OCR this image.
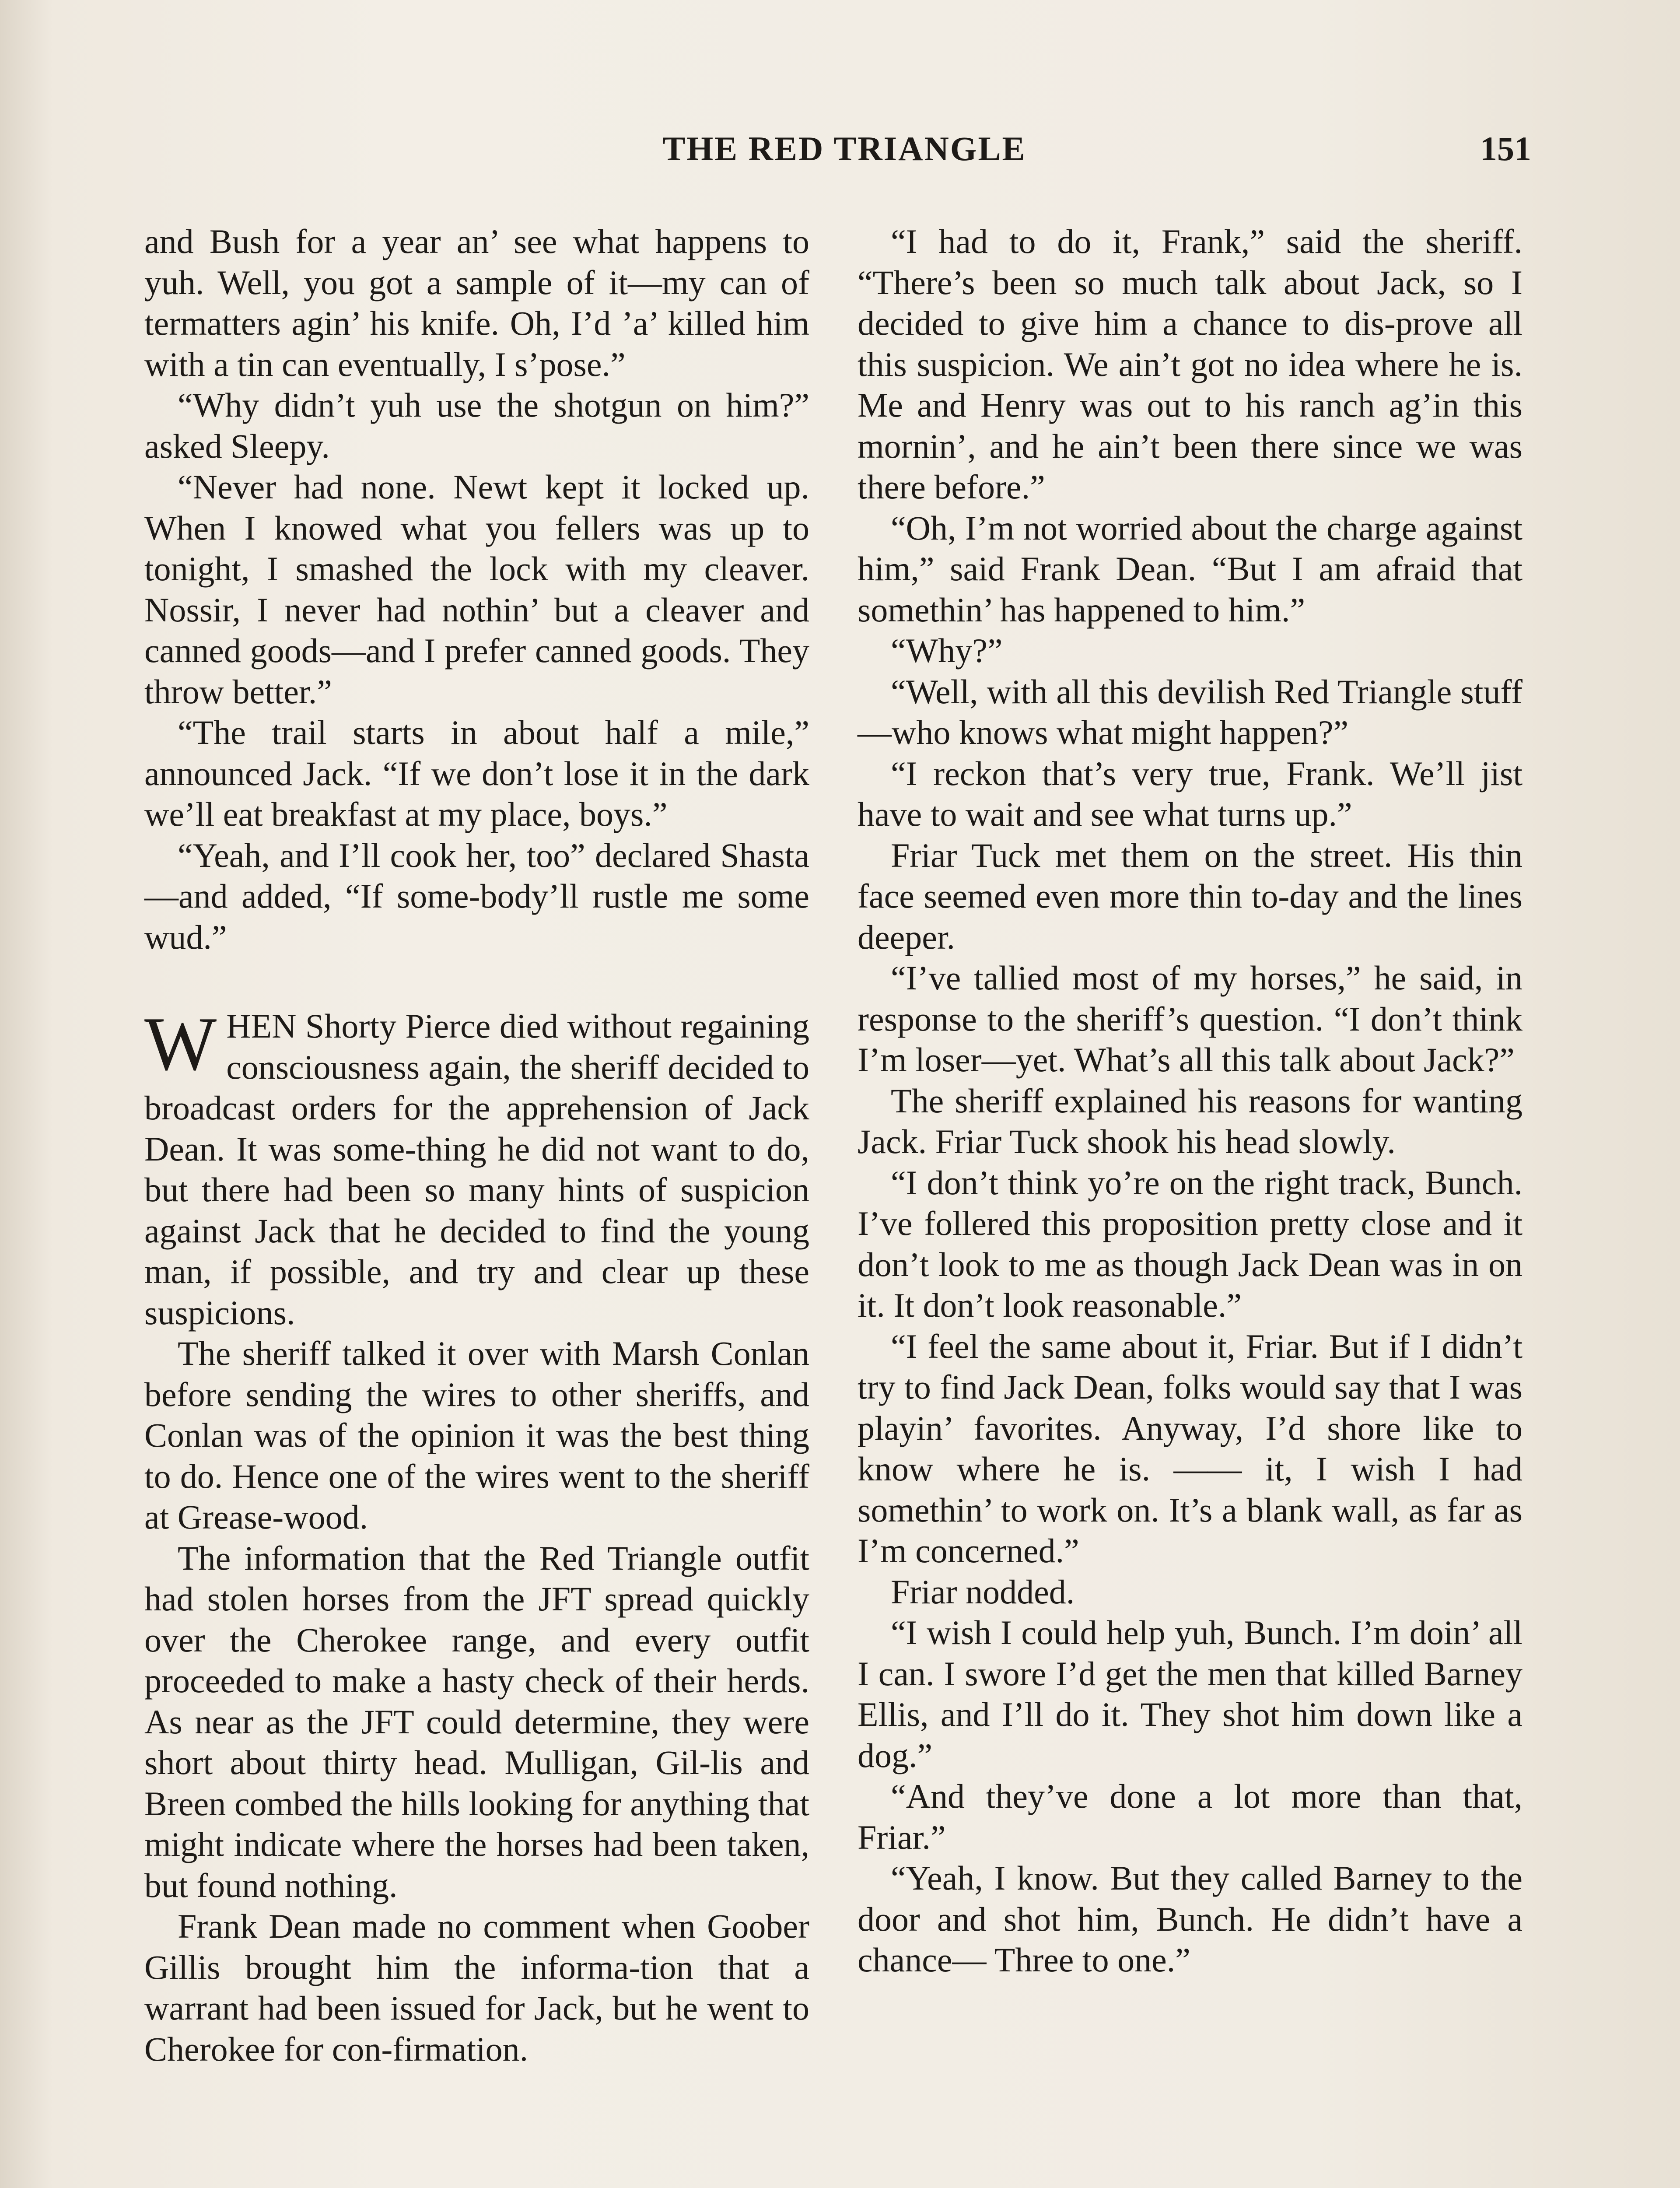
THE RED TRIANGLE	151

and Bush for a year an’ see what happens to yuh. Well, you got a sample of it—my can of termatters agin’ his knife. Oh, I’d ’a’ killed him with a tin can eventually, I s’pose.”

“Why didn’t yuh use the shotgun on him?” asked Sleepy.

“Never had none. Newt kept it locked up. When I knowed what you fellers was up to tonight, I smashed the lock with my cleaver. Nossir, I never had nothin’ but a cleaver and canned goods—and I prefer canned goods. They throw better.”

“The trail starts in about half a mile,” announced Jack. “If we don’t lose it in the dark we’ll eat breakfast at my place, boys.”

“Yeah, and I’ll cook her, too” declared Shasta—and added, “If some-body’ll rustle me some wud.”

WHEN Shorty Pierce died without regaining consciousness again, the sheriff decided to broadcast orders for the apprehension of Jack Dean. It was some-thing he did not want to do, but there had been so many hints of suspicion against Jack that he decided to find the young man, if possible, and try and clear up these suspicions.

The sheriff talked it over with Marsh Conlan before sending the wires to other sheriffs, and Conlan was of the opinion it was the best thing to do. Hence one of the wires went to the sheriff at Grease-wood.

The information that the Red Triangle outfit had stolen horses from the JFT spread quickly over the Cherokee range, and every outfit proceeded to make a hasty check of their herds. As near as the JFT could determine, they were short about thirty head. Mulligan, Gil-lis and Breen combed the hills looking for anything that might indicate where the horses had been taken, but found nothing.

Frank Dean made no comment when Goober Gillis brought him the informa-tion that a warrant had been issued for Jack, but he went to Cherokee for con-firmation.

“I had to do it, Frank,” said the sheriff. “There’s been so much talk about Jack, so I decided to give him a chance to dis-prove all this suspicion. We ain’t got no idea where he is. Me and Henry was out to his ranch ag’in this mornin’, and he ain’t been there since we was there before.”

“Oh, I’m not worried about the charge against him,” said Frank Dean. “But I am afraid that somethin’ has happened to him.”

“Why?”

“Well, with all this devilish Red Triangle stuff—who knows what might happen?”

“I reckon that’s very true, Frank. We’ll jist have to wait and see what turns up.”

Friar Tuck met them on the street. His thin face seemed even more thin to-day and the lines deeper.

“I’ve tallied most of my horses,” he said, in response to the sheriff’s question. “I don’t think I’m loser—yet. What’s all this talk about Jack?”

The sheriff explained his reasons for wanting Jack. Friar Tuck shook his head slowly.

“I don’t think yo’re on the right track, Bunch. I’ve follered this proposition pretty close and it don’t look to me as though Jack Dean was in on it. It don’t look reasonable.”

“I feel the same about it, Friar. But if I didn’t try to find Jack Dean, folks would say that I was playin’ favorites. Anyway, I’d shore like to know where he is. —— it, I wish I had somethin’ to work on. It’s a blank wall, as far as I’m concerned.”

Friar nodded.

“I wish I could help yuh, Bunch. I’m doin’ all I can. I swore I’d get the men that killed Barney Ellis, and I’ll do it. They shot him down like a dog.”

“And they’ve done a lot more than that, Friar.”

“Yeah, I know. But they called Barney to the door and shot him, Bunch. He didn’t have a chance— Three to one.”
